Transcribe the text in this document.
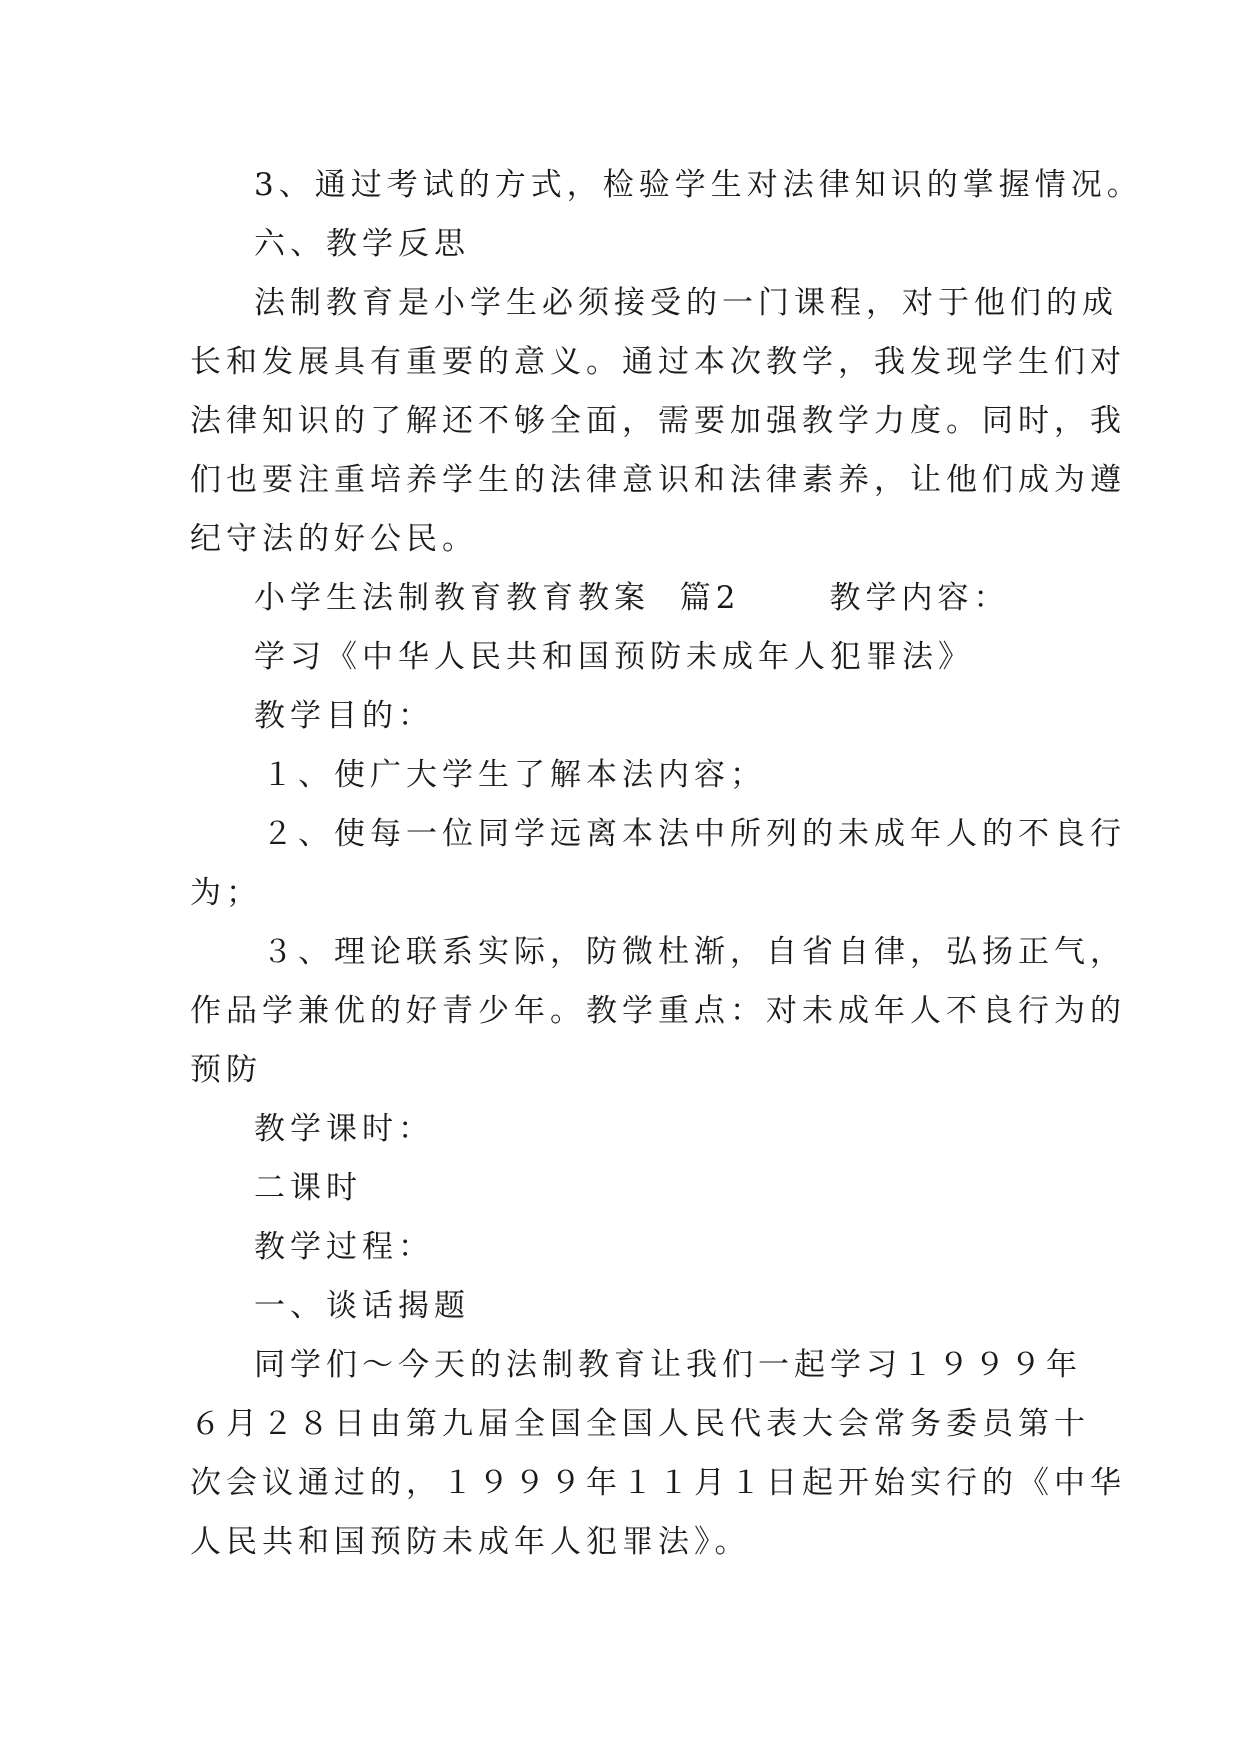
3、通过考试的方式，检验学生对法律知识的掌握情况。

六、教学反思

法制教育是小学生必须接受的一门课程，对于他们的成

长和发展具有重要的意义。通过本次教学，我发现学生们对

法律知识的了解还不够全面，需要加强教学力度。同时，我

们也要注重培养学生的法律意识和法律素养，让他们成为遵

纪守法的好公民。

小学生法制教育教育教案  篇2      教学内容：

学习《中华人民共和国预防未成年人犯罪法》

教学目的：

１、使广大学生了解本法内容；

２、使每一位同学远离本法中所列的未成年人的不良行

为；

３、理论联系实际，防微杜渐，自省自律，弘扬正气，

作品学兼优的好青少年。教学重点：对未成年人不良行为的

预防

教学课时：

二课时

教学过程：

一、谈话揭题

同学们～今天的法制教育让我们一起学习１９９９年

６月２８日由第九届全国全国人民代表大会常务委员第十

次会议通过的，１９９９年１１月１日起开始实行的《中华

人民共和国预防未成年人犯罪法》。
